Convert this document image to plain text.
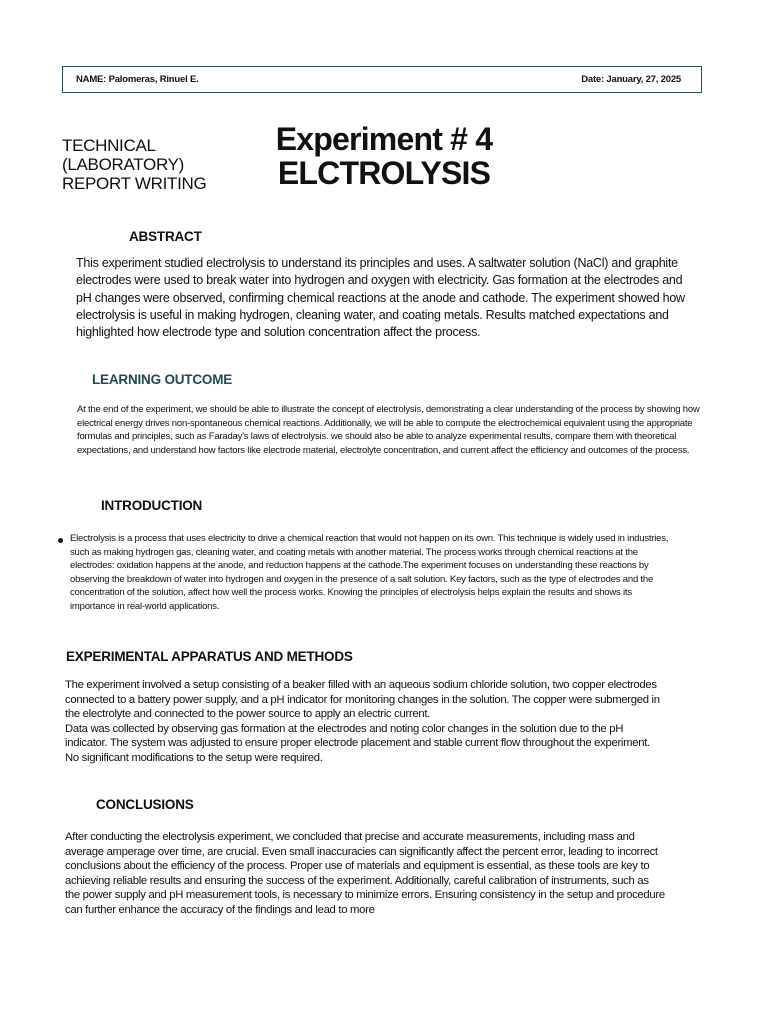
NAME: Palomeras, Rinuel E.	Date: January, 27, 2025
TECHNICAL
(LABORATORY)
REPORT WRITING
Experiment # 4
ELCTROLYSIS
ABSTRACT
This experiment studied electrolysis to understand its principles and uses. A saltwater solution (NaCl) and graphite electrodes were used to break water into hydrogen and oxygen with electricity. Gas formation at the electrodes and pH changes were observed, confirming chemical reactions at the anode and cathode. The experiment showed how electrolysis is useful in making hydrogen, cleaning water, and coating metals. Results matched expectations and highlighted how electrode type and solution concentration affect the process.
LEARNING OUTCOME
At the end of the experiment, we should be able to illustrate the concept of electrolysis, demonstrating a clear understanding of the process by showing how electrical energy drives non-spontaneous chemical reactions. Additionally, we will be able to compute the electrochemical equivalent using the appropriate formulas and principles, such as Faraday's laws of electrolysis. we should also be able to analyze experimental results, compare them with theoretical expectations, and understand how factors like electrode material, electrolyte concentration, and current affect the efficiency and outcomes of the process.
INTRODUCTION
Electrolysis is a process that uses electricity to drive a chemical reaction that would not happen on its own. This technique is widely used in industries, such as making hydrogen gas, cleaning water, and coating metals with another material. The process works through chemical reactions at the electrodes: oxidation happens at the anode, and reduction happens at the cathode.The experiment focuses on understanding these reactions by observing the breakdown of water into hydrogen and oxygen in the presence of a salt solution. Key factors, such as the type of electrodes and the concentration of the solution, affect how well the process works. Knowing the principles of electrolysis helps explain the results and shows its importance in real-world applications.
EXPERIMENTAL APPARATUS AND METHODS
The experiment involved a setup consisting of a beaker filled with an aqueous sodium chloride solution, two copper electrodes connected to a battery power supply, and a pH indicator for monitoring changes in the solution. The copper were submerged in the electrolyte and connected to the power source to apply an electric current.
Data was collected by observing gas formation at the electrodes and noting color changes in the solution due to the pH indicator. The system was adjusted to ensure proper electrode placement and stable current flow throughout the experiment. No significant modifications to the setup were required.
CONCLUSIONS
After conducting the electrolysis experiment, we concluded that precise and accurate measurements, including mass and average amperage over time, are crucial. Even small inaccuracies can significantly affect the percent error, leading to incorrect conclusions about the efficiency of the process. Proper use of materials and equipment is essential, as these tools are key to achieving reliable results and ensuring the success of the experiment. Additionally, careful calibration of instruments, such as the power supply and pH measurement tools, is necessary to minimize errors. Ensuring consistency in the setup and procedure can further enhance the accuracy of the findings and lead to more
